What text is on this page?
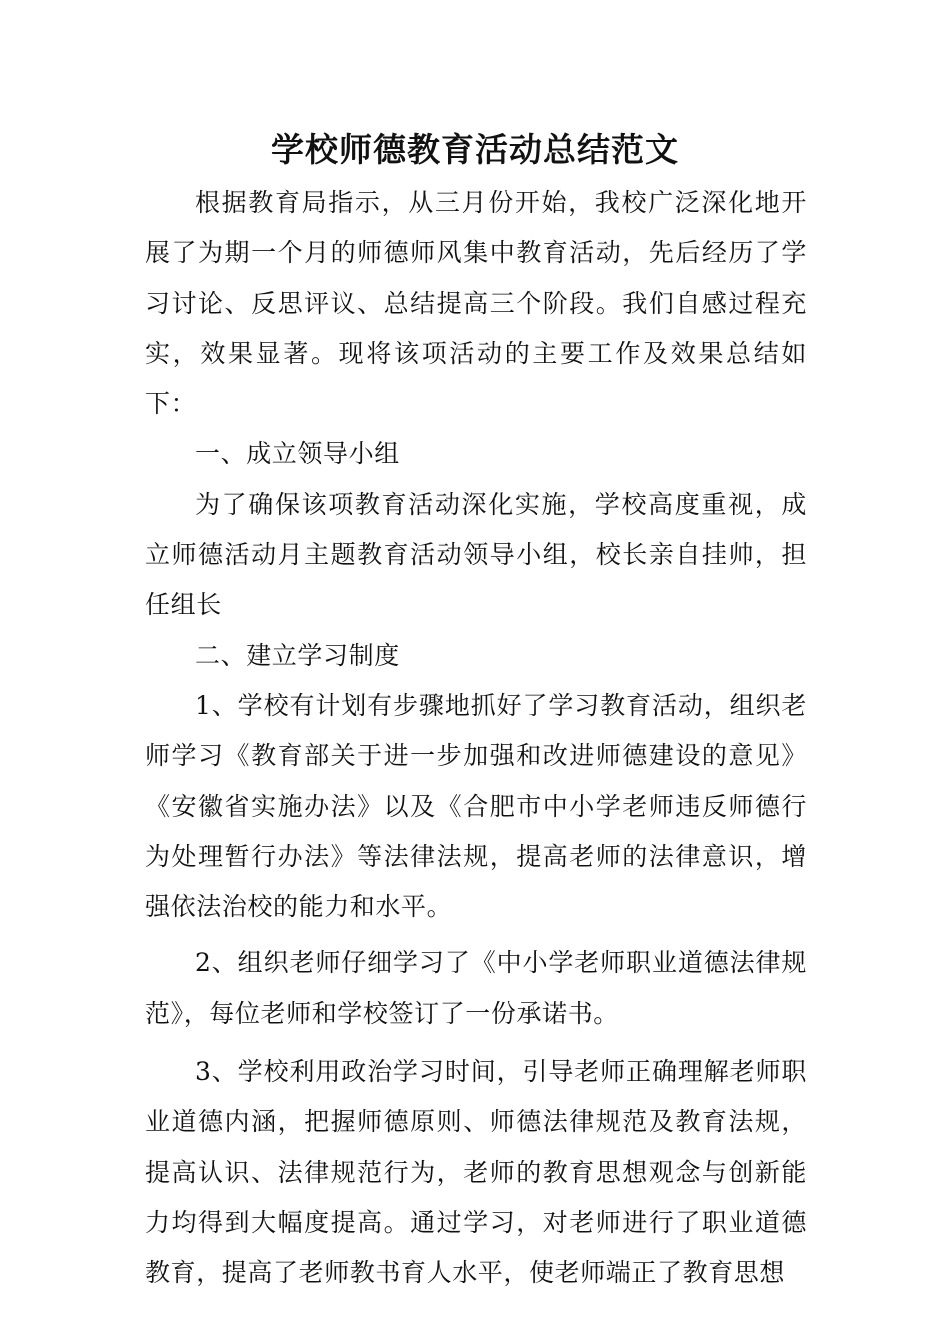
学校师德教育活动总结范文

根据教育局指示，从三月份开始，我校广泛深化地开展了为期一个月的师德师风集中教育活动，先后经历了学习讨论、反思评议、总结提高三个阶段。我们自感过程充实，效果显著。现将该项活动的主要工作及效果总结如下：

一、成立领导小组

为了确保该项教育活动深化实施，学校高度重视，成立师德活动月主题教育活动领导小组，校长亲自挂帅，担任组长

二、建立学习制度

1、学校有计划有步骤地抓好了学习教育活动，组织老师学习《教育部关于进一步加强和改进师德建设的意见》《安徽省实施办法》以及《合肥市中小学老师违反师德行为处理暂行办法》等法律法规，提高老师的法律意识，增强依法治校的能力和水平。

2、组织老师仔细学习了《中小学老师职业道德法律规范》，每位老师和学校签订了一份承诺书。

3、学校利用政治学习时间，引导老师正确理解老师职业道德内涵，把握师德原则、师德法律规范及教育法规，提高认识、法律规范行为，老师的教育思想观念与创新能力均得到大幅度提高。通过学习，对老师进行了职业道德教育，提高了老师教书育人水平，使老师端正了教育思想
